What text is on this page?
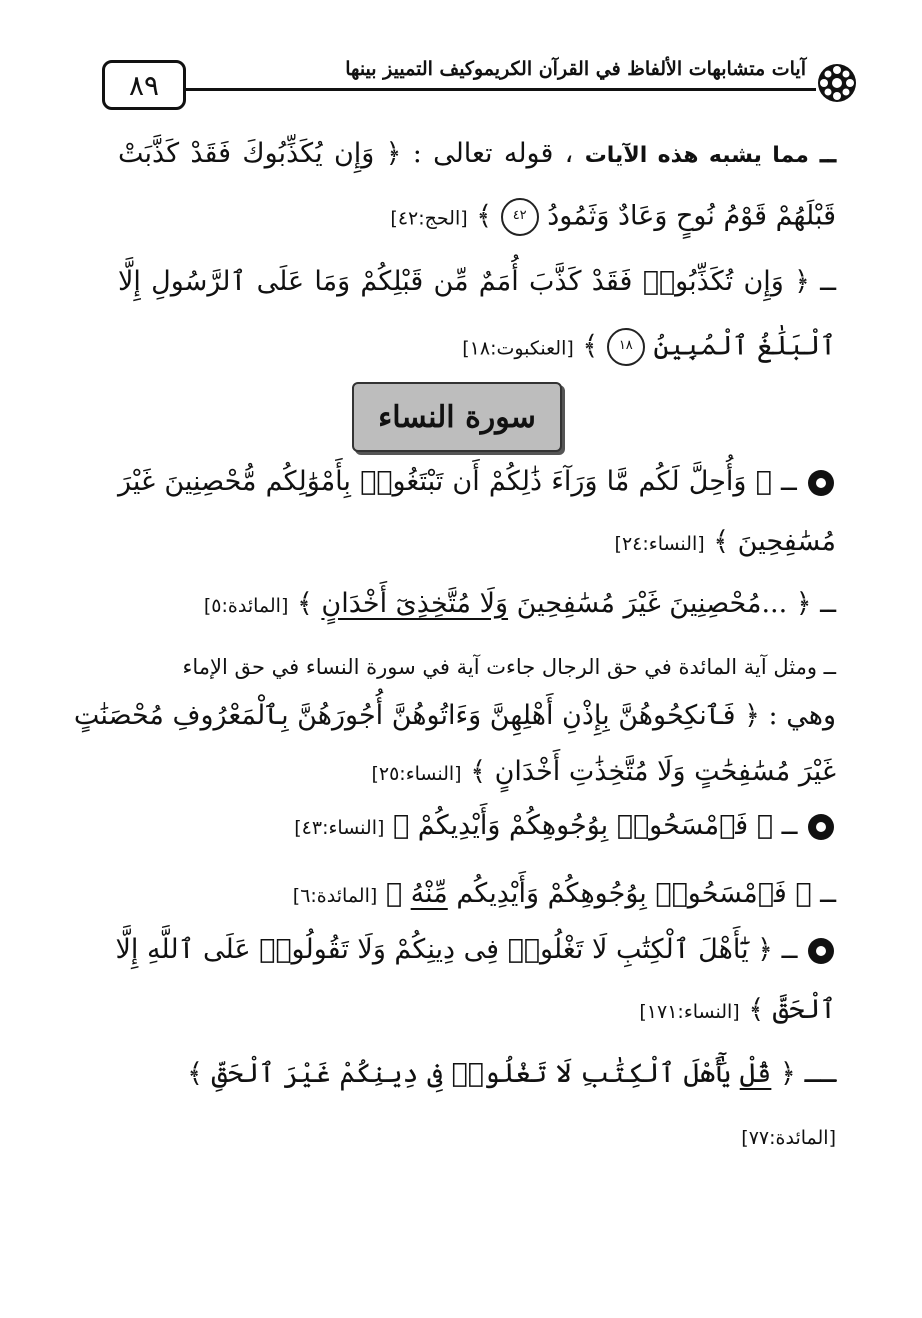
٨٩	آيات متشابهات الألفاظ في القرآن الكريموكيف التمييز بينها
سورة النساء
ــ مما يشبه هذه الآيات ، قوله تعالى : ﴿ وَإِن يُكَذِّبُوكَ فَقَدْ كَذَّبَتْ
قَبْلَهُمْ قَوْمُ نُوحٍ وَعَادٌ وَثَمُودُ ٤٢ ﴾ [الحج:٤٢]
ــ ﴿ وَإِن تُكَذِّبُوا۟ فَقَدْ كَذَّبَ أُمَمٌ مِّن قَبْلِكُمْ وَمَا عَلَى ٱلرَّسُولِ إِلَّا
ٱلْبَلَٰغُ ٱلْمُبِينُ ١٨ ﴾ [العنكبوت:١٨]
ــ ﴿ وَأُحِلَّ لَكُم مَّا وَرَآءَ ذَٰلِكُمْ أَن تَبْتَغُوا۟ بِأَمْوَٰلِكُم مُّحْصِنِينَ غَيْرَ
مُسَٰفِحِينَ ﴾ [النساء:٢٤]
ــ ﴿ ...مُحْصِنِينَ غَيْرَ مُسَٰفِحِينَ وَلَا مُتَّخِذِىٓ أَخْدَانٍ ﴾ [المائدة:٥]
ــ ومثل آية المائدة في حق الرجال جاءت آية في سورة النساء في حق الإماء
وهي : ﴿ فَٱنكِحُوهُنَّ بِإِذْنِ أَهْلِهِنَّ وَءَاتُوهُنَّ أُجُورَهُنَّ بِٱلْمَعْرُوفِ مُحْصَنَٰتٍ
غَيْرَ مُسَٰفِحَٰتٍ وَلَا مُتَّخِذَٰتِ أَخْدَانٍ ﴾ [النساء:٢٥]
ــ ﴿ فَٱمْسَحُوا۟ بِوُجُوهِكُمْ وَأَيْدِيكُمْ ﴾ [النساء:٤٣]
ــ ﴿ فَٱمْسَحُوا۟ بِوُجُوهِكُمْ وَأَيْدِيكُم مِّنْهُ ﴾ [المائدة:٦]
ــ ﴿ يَٰٓأَهْلَ ٱلْكِتَٰبِ لَا تَغْلُوا۟ فِى دِينِكُمْ وَلَا تَقُولُوا۟ عَلَى ٱللَّهِ إِلَّا
ٱلْحَقَّ ﴾ [النساء:١٧١]
ــ ﴿ قُلْ يَٰٓأَهْلَ ٱلْكِتَٰبِ لَا تَغْلُوا۟ فِى دِينِكُمْ غَيْرَ ٱلْحَقِّ ﴾
[المائدة:٧٧]
